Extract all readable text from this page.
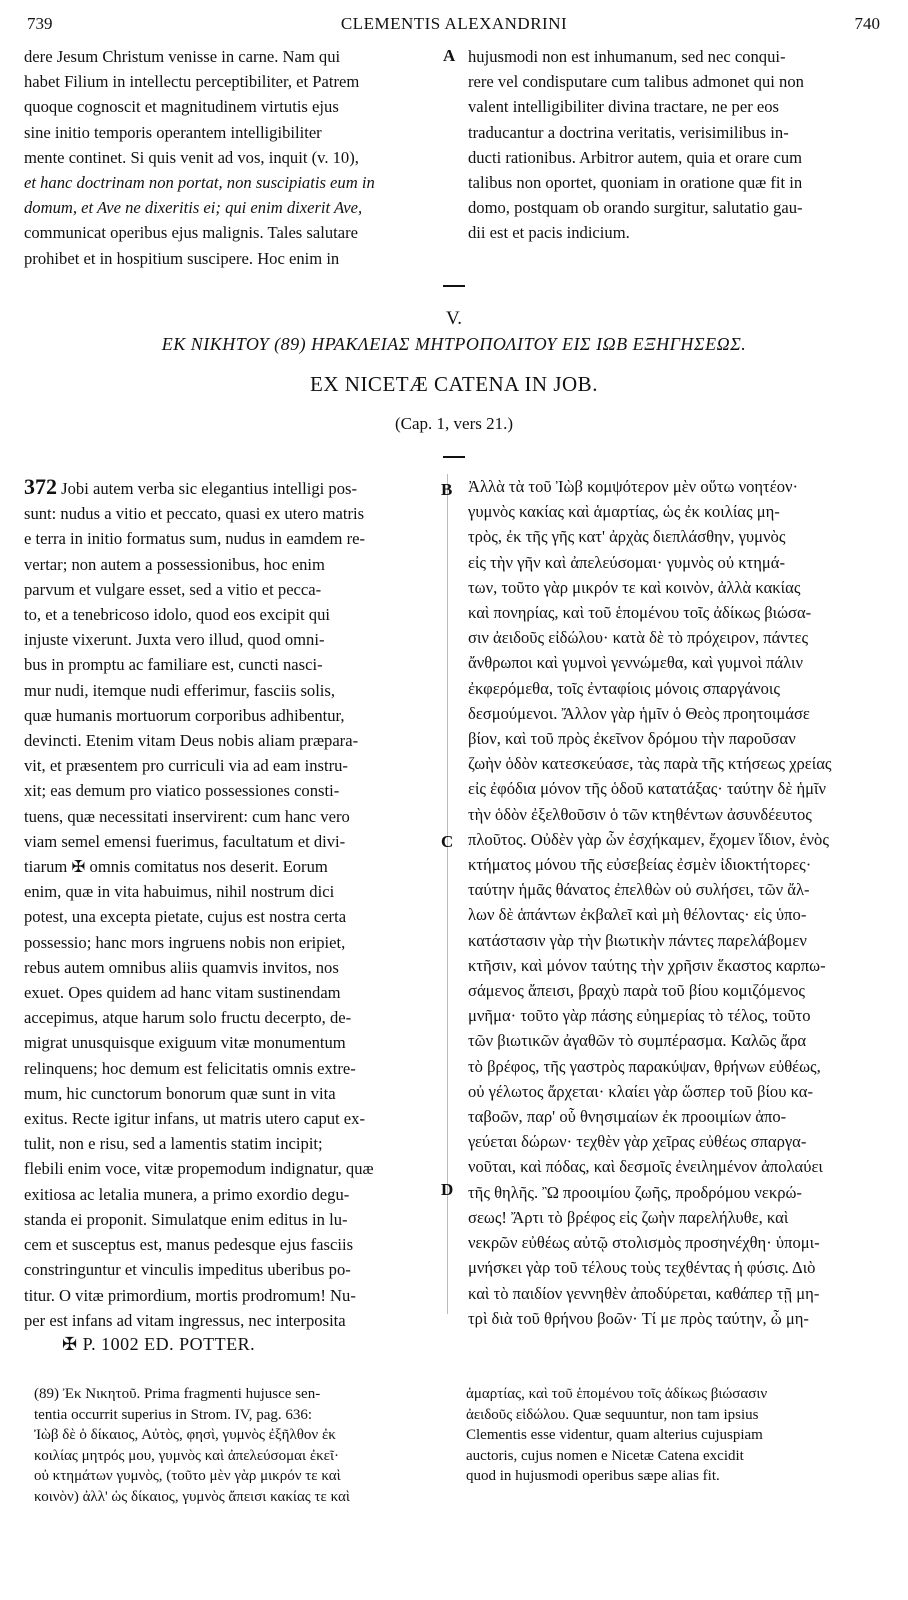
739	CLEMENTIS ALEXANDRINI	740
dere Jesum Christum venisse in carne. Nam qui
habet Filium in intellectu perceptibiliter, et Patrem
quoque cognoscit et magnitudinem virtutis ejus
sine initio temporis operantem intelligibiliter
mente continet. Si quis venit ad vos, inquit (v. 10),
et hanc doctrinam non portat, non suscipiatis eum in
domum, et Ave ne dixeritis ei; qui enim dixerit Ave,
communicat operibus ejus malignis. Tales salutare
prohibet et in hospitium suscipere. Hoc enim in
A hujusmodi non est inhumanum, sed nec conqui-
rere vel condisputare cum talibus admonet qui non
valent intelligibiliter divina tractare, ne per eos
traducantur a doctrina veritatis, verisimilibus in-
ducti rationibus. Arbitror autem, quia et orare cum
talibus non oportet, quoniam in oratione quæ fit in
domo, postquam ob orando surgitur, salutatio gau-
dii est et pacis indicium.
V.
ΕΚ ΝΙΚΗΤΟΥ (89) ΗΡΑΚΛΕΙΑΣ ΜΗΤΡΟΠΟΛΙΤΟΥ ΕΙΣ ΙΩΒ ΕΞΗΓΗΣΕΩΣ.
EX NICETÆ CATENA IN JOB.
(Cap. 1, vers 21.)
372 Jobi autem verba sic elegantius intelligi pos-
sunt: nudus a vitio et peccato, quasi ex utero matris
e terra in initio formatus sum, nudus in eamdem re-
vertar; non autem a possessionibus, hoc enim
parvum et vulgare esset, sed a vitio et pecca-
to, et a tenebricoso idolo, quod eos excipit qui
injuste vixerunt. Juxta vero illud, quod omni-
bus in promptu ac familiare est, cuncti nasci-
mur nudi, itemque nudi efferimur, fasciis solis,
quæ humanis mortuorum corporibus adhibentur,
devincti. Etenim vitam Deus nobis aliam præpara-
vit, et præsentem pro curriculi via ad eam instru-
xit; eas demum pro viatico possessiones consti-
tuens, quæ necessitati inservirent: cum hanc vero
viam semel emensi fuerimus, facultatum et divi-
tiarum ✠ omnis comitatus nos deserit. Eorum
enim, quæ in vita habuimus, nihil nostrum dici
potest, una excepta pietate, cujus est nostra certa
possessio; hanc mors ingruens nobis non eripiet,
rebus autem omnibus aliis quamvis invitos, nos
exuet. Opes quidem ad hanc vitam sustinendam
accepimus, atque harum solo fructu decerpto, de-
migrat unusquisque exiguum vitæ monumentum
relinquens; hoc demum est felicitatis omnis extre-
mum, hic cunctorum bonorum quæ sunt in vita
exitus. Recte igitur infans, ut matris utero caput ex-
tulit, non e risu, sed a lamentis statim incipit;
flebili enim voce, vitæ propemodum indignatur, quæ
exitiosa ac letalia munera, a primo exordio degu-
standa ei proponit. Simulatque enim editus in lu-
cem et susceptus est, manus pedesque ejus fasciis
constringuntur et vinculis impeditus uberibus po-
titur. O vitæ primordium, mortis prodromum! Nu-
per est infans ad vitam ingressus, nec interposita
B
C
D
Ἀλλὰ τὰ τοῦ Ἰὼβ κομψότερον μὲν οὕτω νοητέον·
γυμνὸς κακίας καὶ ἁμαρτίας, ὡς ἐκ κοιλίας μη-
τρὸς, ἐκ τῆς γῆς κατ' ἀρχὰς διεπλάσθην, γυμνὸς
εἰς τὴν γῆν καὶ ἀπελεύσομαι· γυμνὸς οὐ κτημά-
των, τοῦτο γὰρ μικρόν τε καὶ κοινὸν, ἀλλὰ κακίας
καὶ πονηρίας, καὶ τοῦ ἑπομένου τοῖς ἀδίκως βιώσα-
σιν ἀειδοῦς εἰδώλου· κατὰ δὲ τὸ πρόχειρον, πάντες
ἄνθρωποι καὶ γυμνοὶ γεννώμεθα, καὶ γυμνοὶ πάλιν
ἐκφερόμεθα, τοῖς ἐνταφίοις μόνοις σπαργάνοις
δεσμούμενοι. Ἄλλον γὰρ ἡμῖν ὁ Θεὸς προητοιμάσε
βίον, καὶ τοῦ πρὸς ἐκεῖνον δρόμου τὴν παροῦσαν
ζωὴν ὁδὸν κατεσκεύασε, τὰς παρὰ τῆς κτήσεως χρείας
εἰς ἐφόδια μόνον τῆς ὁδοῦ κατατάξας· ταύτην δὲ ἡμῖν
τὴν ὁδὸν ἐξελθοῦσιν ὁ τῶν κτηθέντων ἀσυνδέευτος
πλοῦτος. Οὐδὲν γὰρ ὧν ἐσχήκαμεν, ἔχομεν ἴδιον, ἑνὸς
κτήματος μόνου τῆς εὐσεβείας ἐσμὲν ἰδιοκτήτορες·
ταύτην ἡμᾶς θάνατος ἐπελθὼν οὐ συλήσει, τῶν ἄλ-
λων δὲ ἁπάντων ἐκβαλεῖ καὶ μὴ θέλοντας· εἰς ὑπο-
κατάστασιν γὰρ τὴν βιωτικὴν πάντες παρελάβομεν
κτῆσιν, καὶ μόνον ταύτης τὴν χρῆσιν ἕκαστος καρπω-
σάμενος ἄπεισι, βραχὺ παρὰ τοῦ βίου κομιζόμενος
μνῆμα· τοῦτο γὰρ πάσης εὐημερίας τὸ τέλος, τοῦτο
τῶν βιωτικῶν ἀγαθῶν τὸ συμπέρασμα. Καλῶς ἄρα
τὸ βρέφος, τῆς γαστρὸς παρακύψαν, θρήνων εὐθέως,
οὐ γέλωτος ἄρχεται· κλαίει γὰρ ὥσπερ τοῦ βίου κα-
ταβοῶν, παρ' οὗ θνησιμαίων ἐκ προοιμίων ἀπο-
γεύεται δώρων· τεχθὲν γὰρ χεῖρας εὐθέως σπαργα-
νοῦται, καὶ πόδας, καὶ δεσμοῖς ἐνειλημένον ἀπολαύει
τῆς θηλῆς. Ὢ προοιμίου ζωῆς, προδρόμου νεκρώ-
σεως! Ἄρτι τὸ βρέφος εἰς ζωὴν παρελήλυθε, καὶ
νεκρῶν εὐθέως αὐτῷ στολισμὸς προσηνέχθη· ὑπομι-
μνήσκει γὰρ τοῦ τέλους τοὺς τεχθέντας ἡ φύσις. Διὸ
καὶ τὸ παιδίον γεννηθὲν ἀποδύρεται, καθάπερ τῇ μη-
τρὶ διὰ τοῦ θρήνου βοῶν· Τί με πρὸς ταύτην, ὦ μη-
✠ P. 1002 ED. POTTER.
(89) Ἐκ Νικητοῦ. Prima fragmenti hujusce sen-
tentia occurrit superius in Strom. IV, pag. 636:
Ἰὼβ δὲ ὁ δίκαιος, Αὐτὸς, φησὶ, γυμνὸς ἐξῆλθον ἐκ
κοιλίας μητρός μου, γυμνὸς καὶ ἀπελεύσομαι ἐκεῖ·
οὐ κτημάτων γυμνὸς, (τοῦτο μὲν γὰρ μικρόν τε καὶ
κοινὸν) ἀλλ' ὡς δίκαιος, γυμνὸς ἄπεισι κακίας τε καὶ
ἁμαρτίας, καὶ τοῦ ἑπομένου τοῖς ἀδίκως βιώσασιν
ἀειδοῦς εἰδώλου. Quæ sequuntur, non tam ipsius
Clementis esse videntur, quam alterius cujuspiam
auctoris, cujus nomen e Nicetæ Catena excidit
quod in hujusmodi operibus sæpe alias fit.
